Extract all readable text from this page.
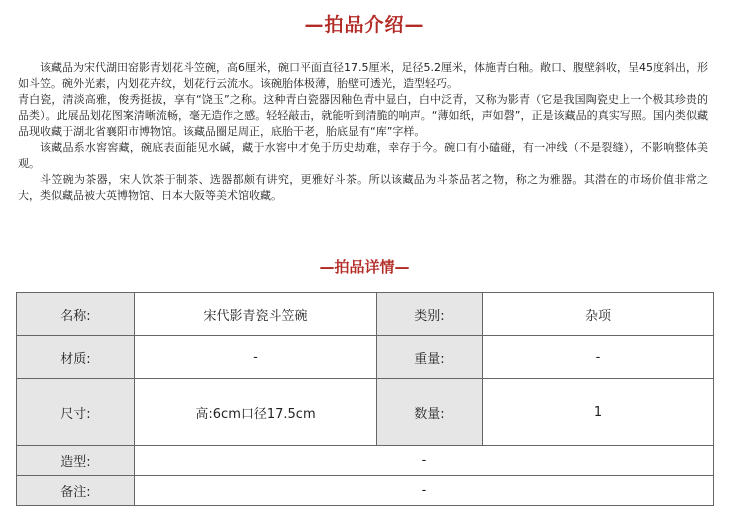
—拍品介绍—

该藏品为宋代湖田窑影青划花斗笠碗，高6厘米，碗口平面直径17.5厘米，足径5.2厘米，体施青白釉。敞口、腹壁斜收，呈45度斜出，形如斗笠。碗外光素，内划花卉纹，划花行云流水。该碗胎体极薄，胎壁可透光，造型轻巧。

青白瓷，清淡高雅，俊秀挺拔，享有“饶玉”之称。这种青白瓷器因釉色青中显白，白中泛青，又称为影青（它是我国陶瓷史上一个极其珍贵的品类）。此展品划花图案清晰流畅，毫无造作之感。轻轻敲击，就能听到清脆的响声。“薄如纸，声如磬”，正是该藏品的真实写照。国内类似藏品现收藏于湖北省襄阳市博物馆。该藏品圈足周正，底胎干老，胎底显有“库”字样。

该藏品系水窖窖藏，碗底表面能见水碱，藏于水窖中才免于历史劫难，幸存于今。碗口有小磕碰，有一冲线（不是裂缝），不影响整体美观。

斗笠碗为茶器，宋人饮茶于制茶、选器都颇有讲究，更雅好斗茶。所以该藏品为斗茶品茗之物，称之为雅器。其潜在的市场价值非常之大，类似藏品被大英博物馆、日本大阪等美术馆收藏。

—拍品详情—
名称:	宋代影青瓷斗笠碗	类别:	杂项
材质:	-	重量:	-
尺寸:	高:6cm口径17.5cm	数量:	1
造型:	-		
备注:	-		
